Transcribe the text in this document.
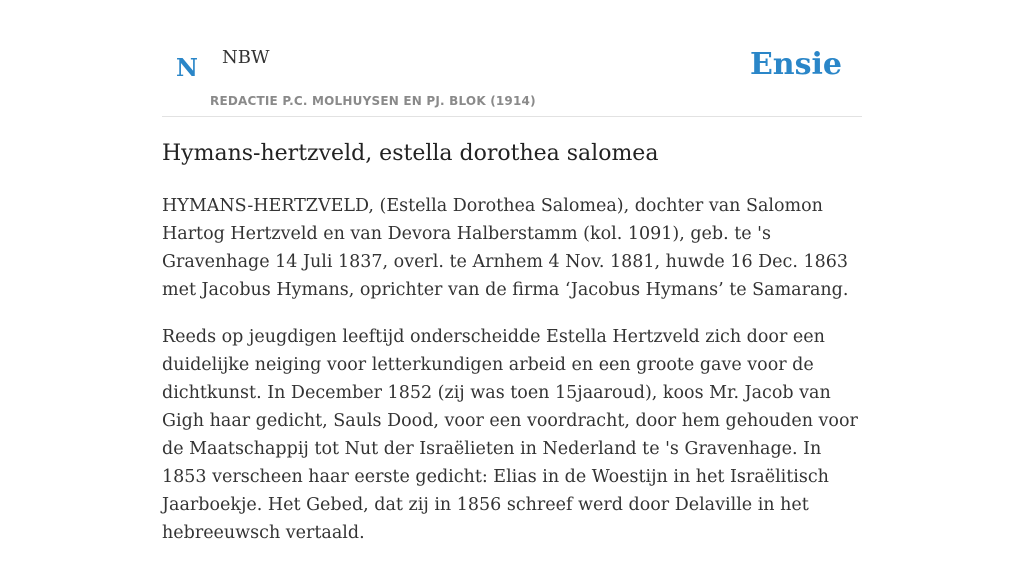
N NBW
REDACTIE P.C. MOLHUYSEN EN PJ. BLOK (1914)
Ensie
Hymans-hertzveld, estella dorothea salomea

HYMANS-HERTZVELD, (Estella Dorothea Salomea), dochter van Salomon Hartog Hertzveld en van Devora Halberstamm (kol. 1091), geb. te 's Gravenhage 14 Juli 1837, overl. te Arnhem 4 Nov. 1881, huwde 16 Dec. 1863 met Jacobus Hymans, oprichter van de firma ‘Jacobus Hymans’ te Samarang.

Reeds op jeugdigen leeftijd onderscheidde Estella Hertzveld zich door een duidelijke neiging voor letterkundigen arbeid en een groote gave voor de dichtkunst. In December 1852 (zij was toen 15jaaroud), koos Mr. Jacob van Gigh haar gedicht, Sauls Dood, voor een voordracht, door hem gehouden voor de Maatschappij tot Nut der Israëlieten in Nederland te 's Gravenhage. In 1853 verscheen haar eerste gedicht: Elias in de Woestijn in het Israëlitisch Jaarboekje. Het Gebed, dat zij in 1856 schreef werd door Delaville in het hebreeuwsch vertaald.
